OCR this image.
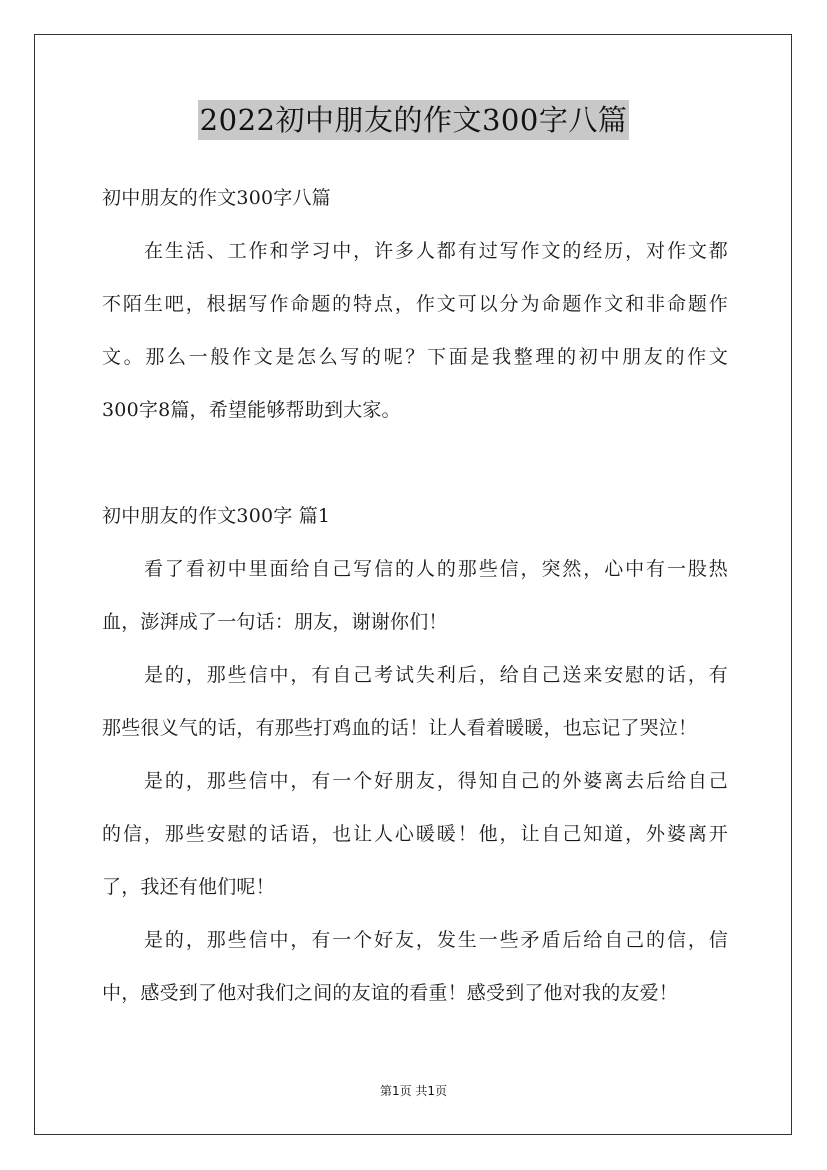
2022初中朋友的作文300字八篇
初中朋友的作文300字八篇
在生活、工作和学习中，许多人都有过写作文的经历，对作文都
不陌生吧，根据写作命题的特点，作文可以分为命题作文和非命题作
文。那么一般作文是怎么写的呢？下面是我整理的初中朋友的作文
300字8篇，希望能够帮助到大家。
初中朋友的作文300字 篇1
看了看初中里面给自己写信的人的那些信，突然，心中有一股热
血，澎湃成了一句话：朋友，谢谢你们！
是的，那些信中，有自己考试失利后，给自己送来安慰的话，有
那些很义气的话，有那些打鸡血的话！让人看着暖暖，也忘记了哭泣！
是的，那些信中，有一个好朋友，得知自己的外婆离去后给自己
的信，那些安慰的话语，也让人心暖暖！他，让自己知道，外婆离开
了，我还有他们呢！
是的，那些信中，有一个好友，发生一些矛盾后给自己的信，信
中，感受到了他对我们之间的友谊的看重！感受到了他对我的友爱！
第1页 共1页
